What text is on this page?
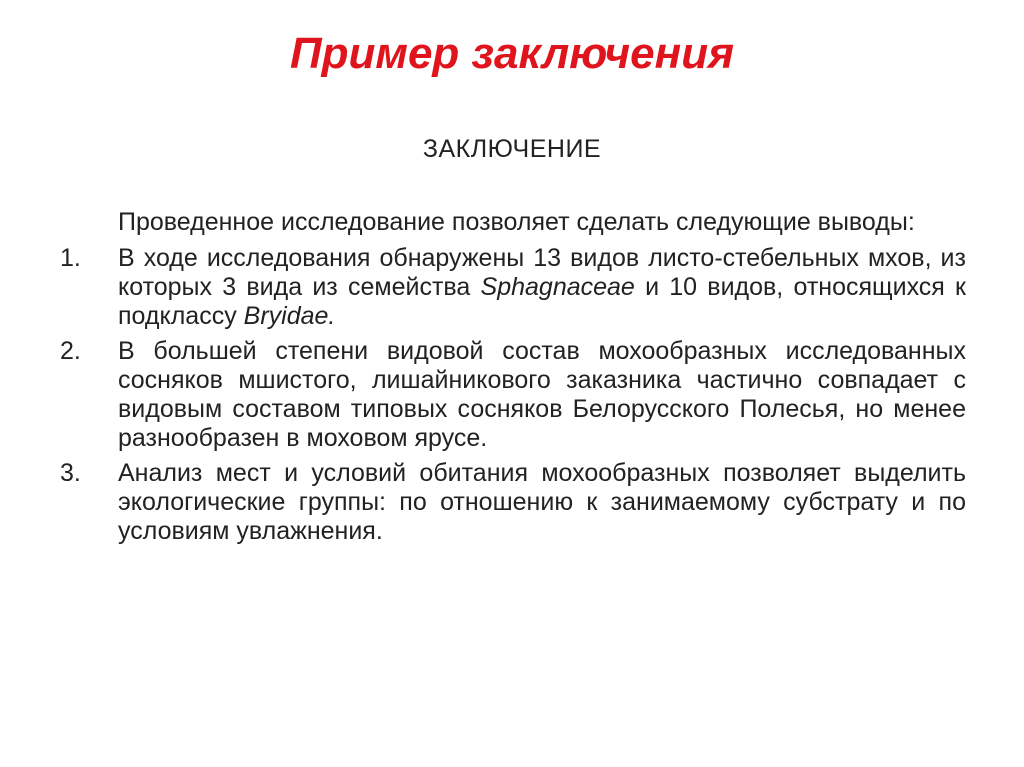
Пример заключения
ЗАКЛЮЧЕНИЕ

Проведенное исследование позволяет сделать следующие выводы:

1.	В ходе исследования обнаружены 13 видов листо-стебельных мхов, из которых 3 вида из семейства Sphagnaceae и 10 видов, относящихся к подклассу Bryidae.
2.	В большей степени видовой состав мохообразных исследованных сосняков мшистого, лишайникового заказника частично совпадает с видовым составом типовых сосняков Белорусского Полесья, но менее разнообразен в моховом ярусе.
3.	Анализ мест и условий обитания мохообразных позволяет выделить экологические группы: по отношению к занимаемому субстрату и по условиям увлажнения.
